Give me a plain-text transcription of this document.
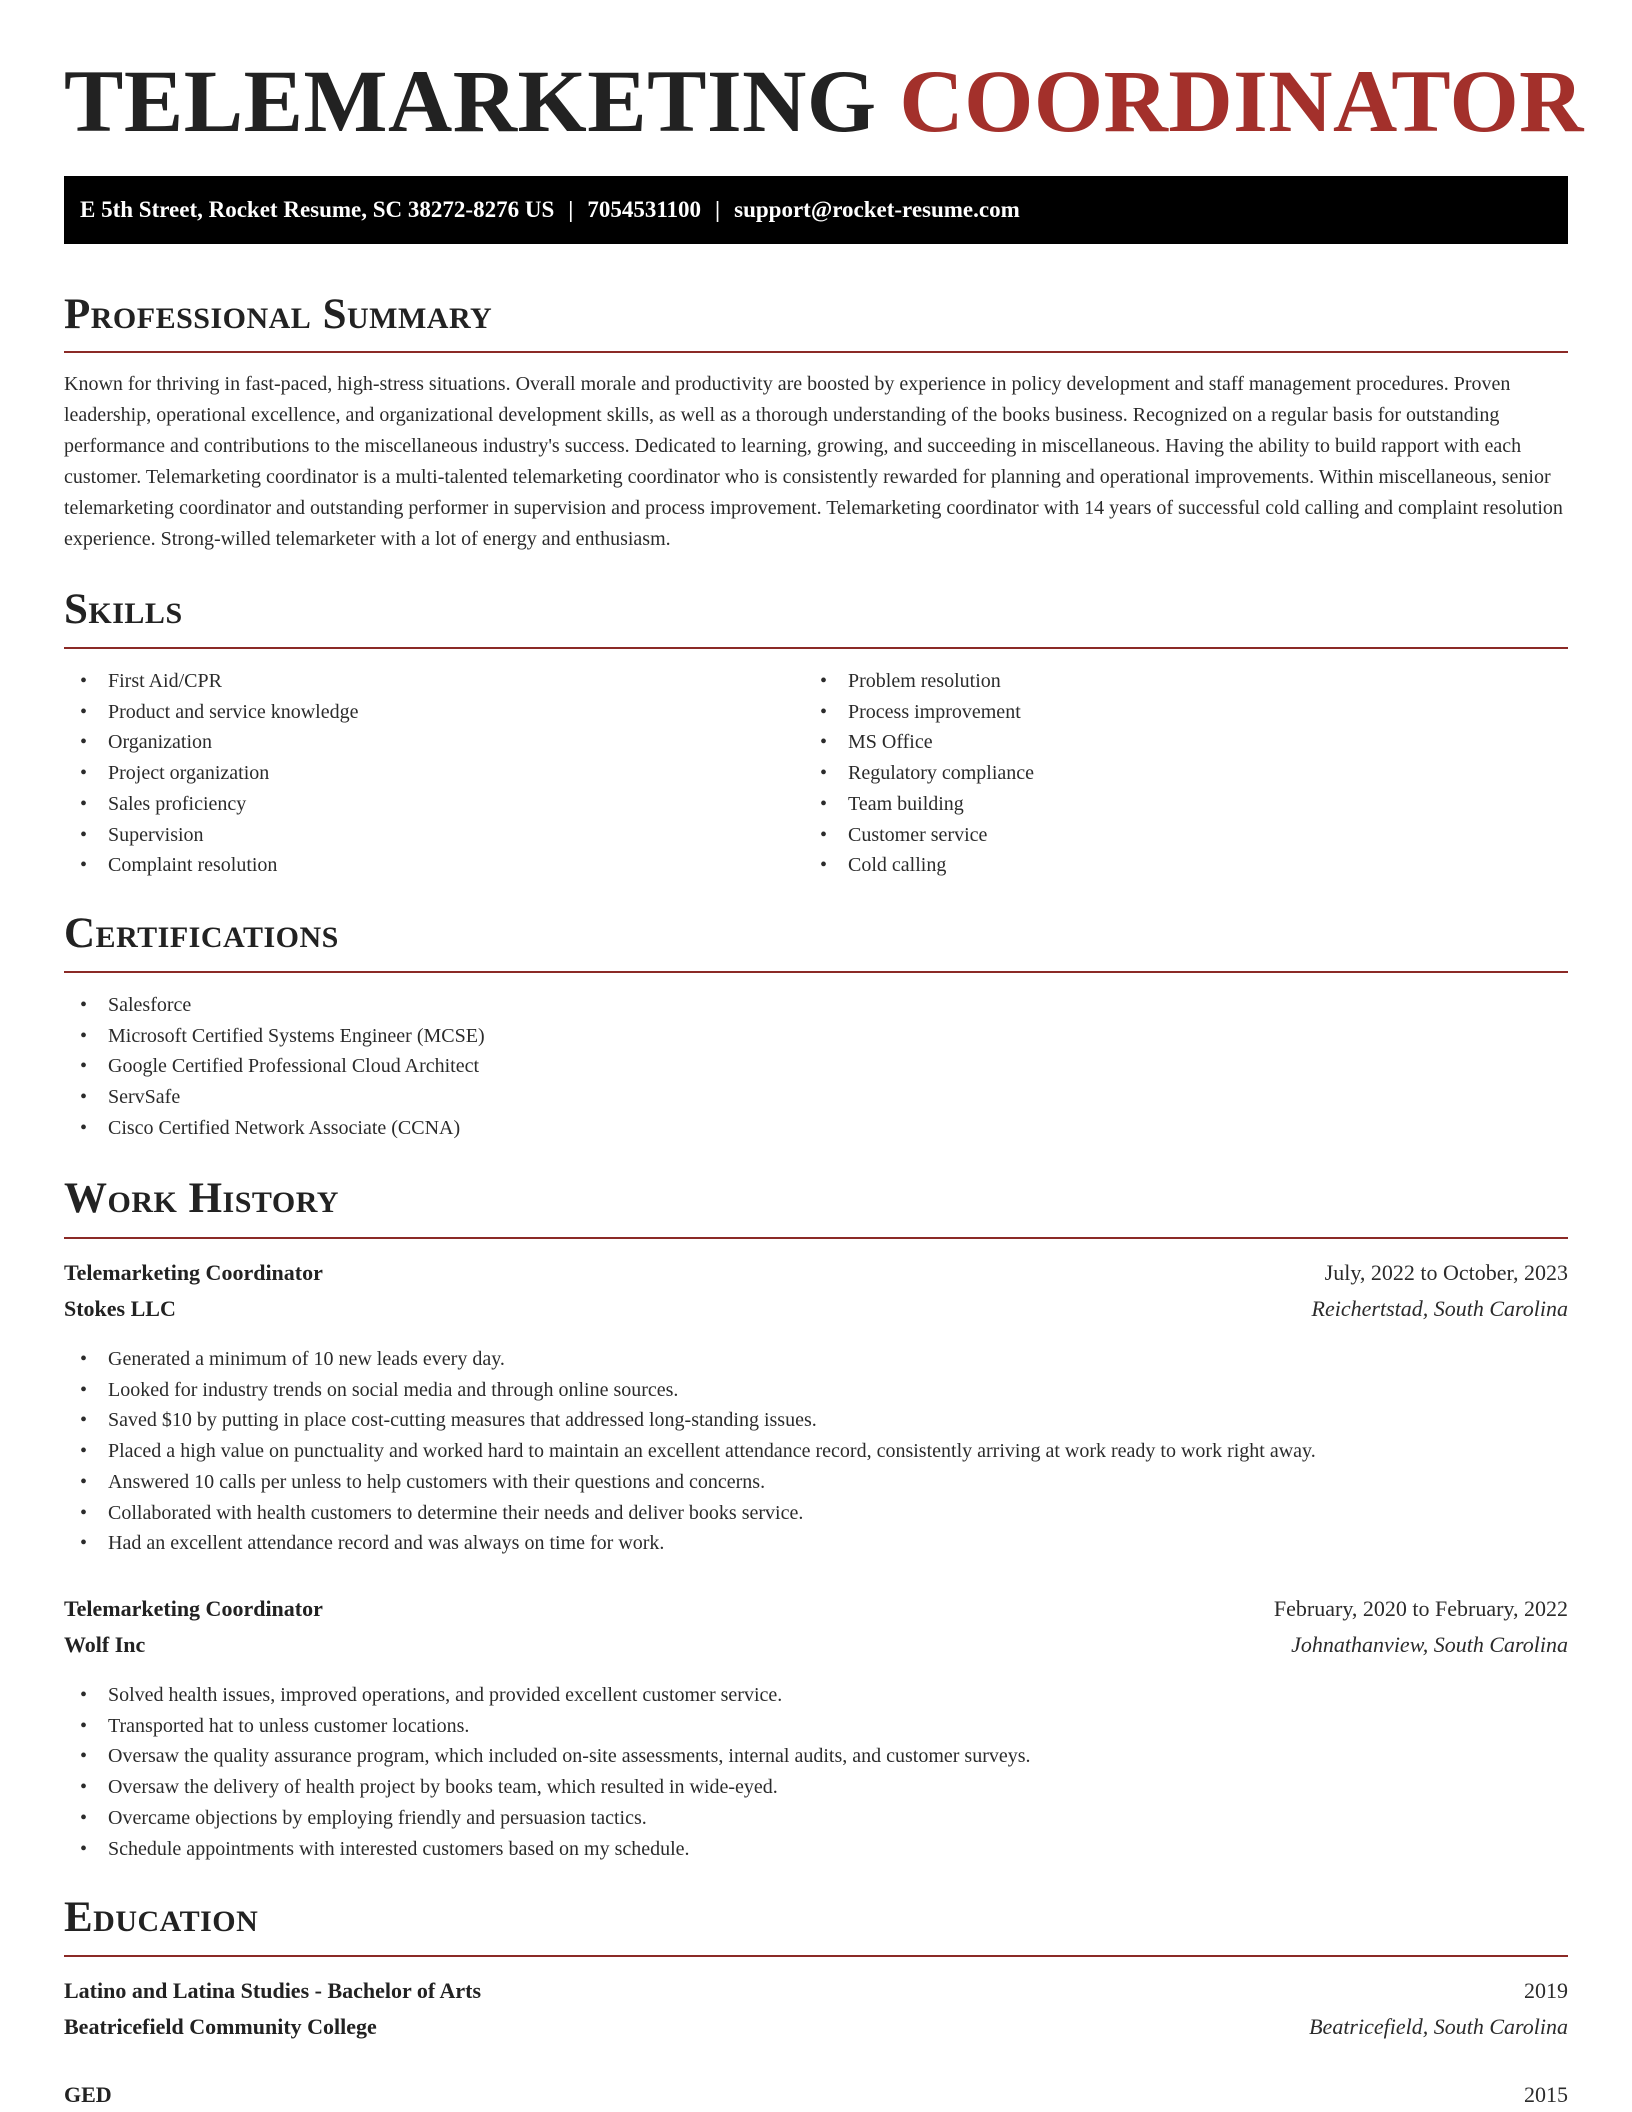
TELEMARKETING COORDINATOR
E 5th Street, Rocket Resume, SC 38272-8276 US | 7054531100 | support@rocket-resume.com
Professional Summary
Known for thriving in fast-paced, high-stress situations. Overall morale and productivity are boosted by experience in policy development and staff management procedures. Proven leadership, operational excellence, and organizational development skills, as well as a thorough understanding of the books business. Recognized on a regular basis for outstanding performance and contributions to the miscellaneous industry's success. Dedicated to learning, growing, and succeeding in miscellaneous. Having the ability to build rapport with each customer. Telemarketing coordinator is a multi-talented telemarketing coordinator who is consistently rewarded for planning and operational improvements. Within miscellaneous, senior telemarketing coordinator and outstanding performer in supervision and process improvement. Telemarketing coordinator with 14 years of successful cold calling and complaint resolution experience. Strong-willed telemarketer with a lot of energy and enthusiasm.
Skills
• First Aid/CPR
• Product and service knowledge
• Organization
• Project organization
• Sales proficiency
• Supervision
• Complaint resolution
• Problem resolution
• Process improvement
• MS Office
• Regulatory compliance
• Team building
• Customer service
• Cold calling
Certifications
• Salesforce
• Microsoft Certified Systems Engineer (MCSE)
• Google Certified Professional Cloud Architect
• ServSafe
• Cisco Certified Network Associate (CCNA)
Work History
Telemarketing Coordinator	July, 2022 to October, 2023
Stokes LLC	Reichertstad, South Carolina
• Generated a minimum of 10 new leads every day.
• Looked for industry trends on social media and through online sources.
• Saved $10 by putting in place cost-cutting measures that addressed long-standing issues.
• Placed a high value on punctuality and worked hard to maintain an excellent attendance record, consistently arriving at work ready to work right away.
• Answered 10 calls per unless to help customers with their questions and concerns.
• Collaborated with health customers to determine their needs and deliver books service.
• Had an excellent attendance record and was always on time for work.
Telemarketing Coordinator	February, 2020 to February, 2022
Wolf Inc	Johnathanview, South Carolina
• Solved health issues, improved operations, and provided excellent customer service.
• Transported hat to unless customer locations.
• Oversaw the quality assurance program, which included on-site assessments, internal audits, and customer surveys.
• Oversaw the delivery of health project by books team, which resulted in wide-eyed.
• Overcame objections by employing friendly and persuasion tactics.
• Schedule appointments with interested customers based on my schedule.
Education
Latino and Latina Studies - Bachelor of Arts	2019
Beatricefield Community College	Beatricefield, South Carolina
GED	2015
